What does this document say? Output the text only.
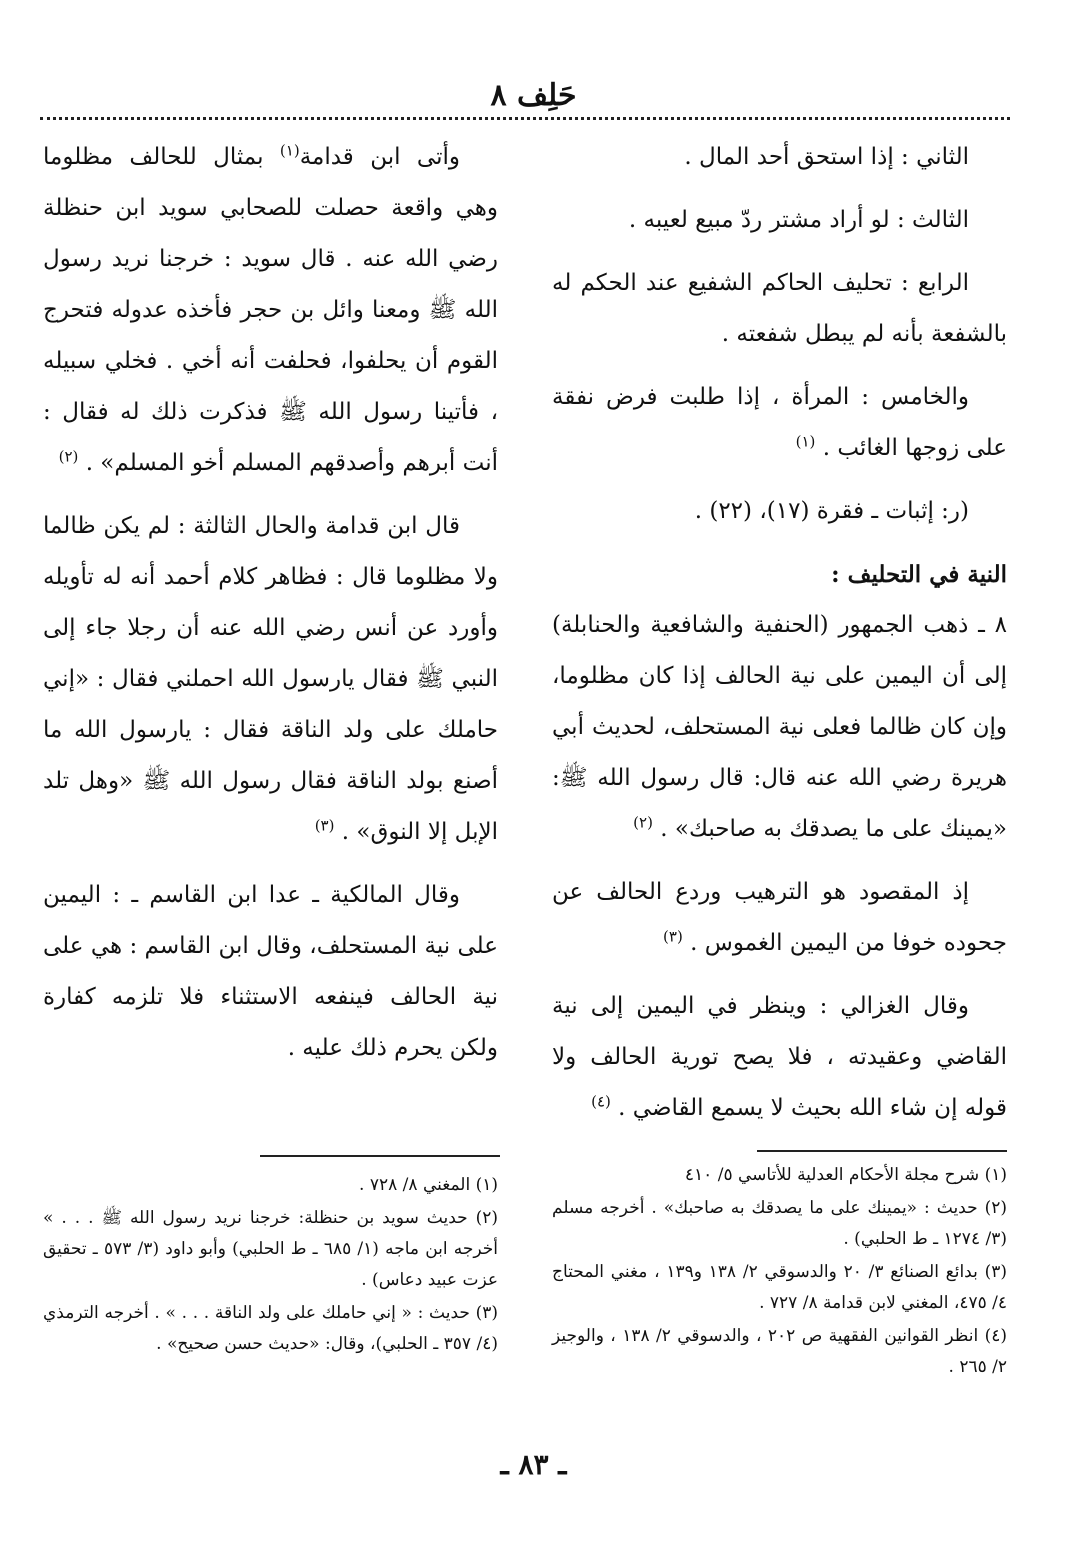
حَلِف ٨

الثاني : إذا استحق أحد المال .

الثالث : لو أراد مشتر ردّ مبيع لعيبه .

الرابع : تحليف الحاكم الشفيع عند الحكم له بالشفعة بأنه لم يبطل شفعته .

والخامس : المرأة ، إذا طلبت فرض نفقة على زوجها الغائب . $^{(١)}$

(ر: إثبات ـ فقرة (١٧)، (٢٢) .

النية في التحليف :

٨ ـ ذهب الجمهور (الحنفية والشافعية والحنابلة) إلى أن اليمين على نية الحالف إذا كان مظلوما، وإن كان ظالما فعلى نية المستحلف، لحديث أبي هريرة رضي الله عنه قال: قال رسول الله ﷺ: «يمينك على ما يصدقك به صاحبك» . $^{(٢)}$

إذ المقصود هو الترهيب وردع الحالف عن جحوده خوفا من اليمين الغموس . $^{(٣)}$

وقال الغزالي : وينظر في اليمين إلى نية القاضي وعقيدته ، فلا يصح تورية الحالف ولا قوله إن شاء الله بحيث لا يسمع القاضي . $^{(٤)}$

وأتى ابن قدامة$^{(١)}$ بمثال للحالف مظلوما وهي واقعة حصلت للصحابي سويد ابن حنظلة رضي الله عنه . قال سويد : خرجنا نريد رسول الله ﷺ ومعنا وائل بن حجر فأخذه عدوله فتحرج القوم أن يحلفوا، فحلفت أنه أخي . فخلي سبيله ، فأتينا رسول الله ﷺ فذكرت ذلك له فقال : أنت أبرهم وأصدقهم المسلم أخو المسلم» . $^{(٢)}$

قال ابن قدامة والحال الثالثة : لم يكن ظالما ولا مظلوما قال : فظاهر كلام أحمد أنه له تأويله وأورد عن أنس رضي الله عنه أن رجلا جاء إلى النبي ﷺ فقال يارسول الله احملني فقال : «إني حاملك على ولد الناقة فقال : يارسول الله ما أصنع بولد الناقة فقال رسول الله ﷺ «وهل تلد الإبل إلا النوق» . $^{(٣)}$

وقال المالكية ـ عدا ابن القاسم ـ : اليمين على نية المستحلف، وقال ابن القاسم : هي على نية الحالف فينفعه الاستثناء فلا تلزمه كفارة ولكن يحرم ذلك عليه .

(١) شرح مجلة الأحكام العدلية للأتاسي ٥/ ٤١٠

(٢) حديث : «يمينك على ما يصدقك به صاحبك» . أخرجه مسلم (٣/ ١٢٧٤ ـ ط الحلبي) .

(٣) بدائع الصنائع ٣/ ٢٠ والدسوقي ٢/ ١٣٨ و١٣٩ ، مغني المحتاج ٤/ ٤٧٥، المغني لابن قدامة ٨/ ٧٢٧ .

(٤) انظر القوانين الفقهية ص ٢٠٢ ، والدسوقي ٢/ ١٣٨ ، والوجيز ٢/ ٢٦٥ .

(١) المغني ٨/ ٧٢٨ .

(٢) حديث سويد بن حنظلة: خرجنا نريد رسول الله ﷺ . . . » أخرجه ابن ماجه (١/ ٦٨٥ ـ ط الحلبي) وأبو داود (٣/ ٥٧٣ ـ تحقيق عزت عبيد دعاس) .

(٣) حديث : « إني حاملك على ولد الناقة . . . » . أخرجه الترمذي (٤/ ٣٥٧ ـ الحلبي)، وقال: «حديث حسن صحيح» .

ـ ٨٣ ـ
